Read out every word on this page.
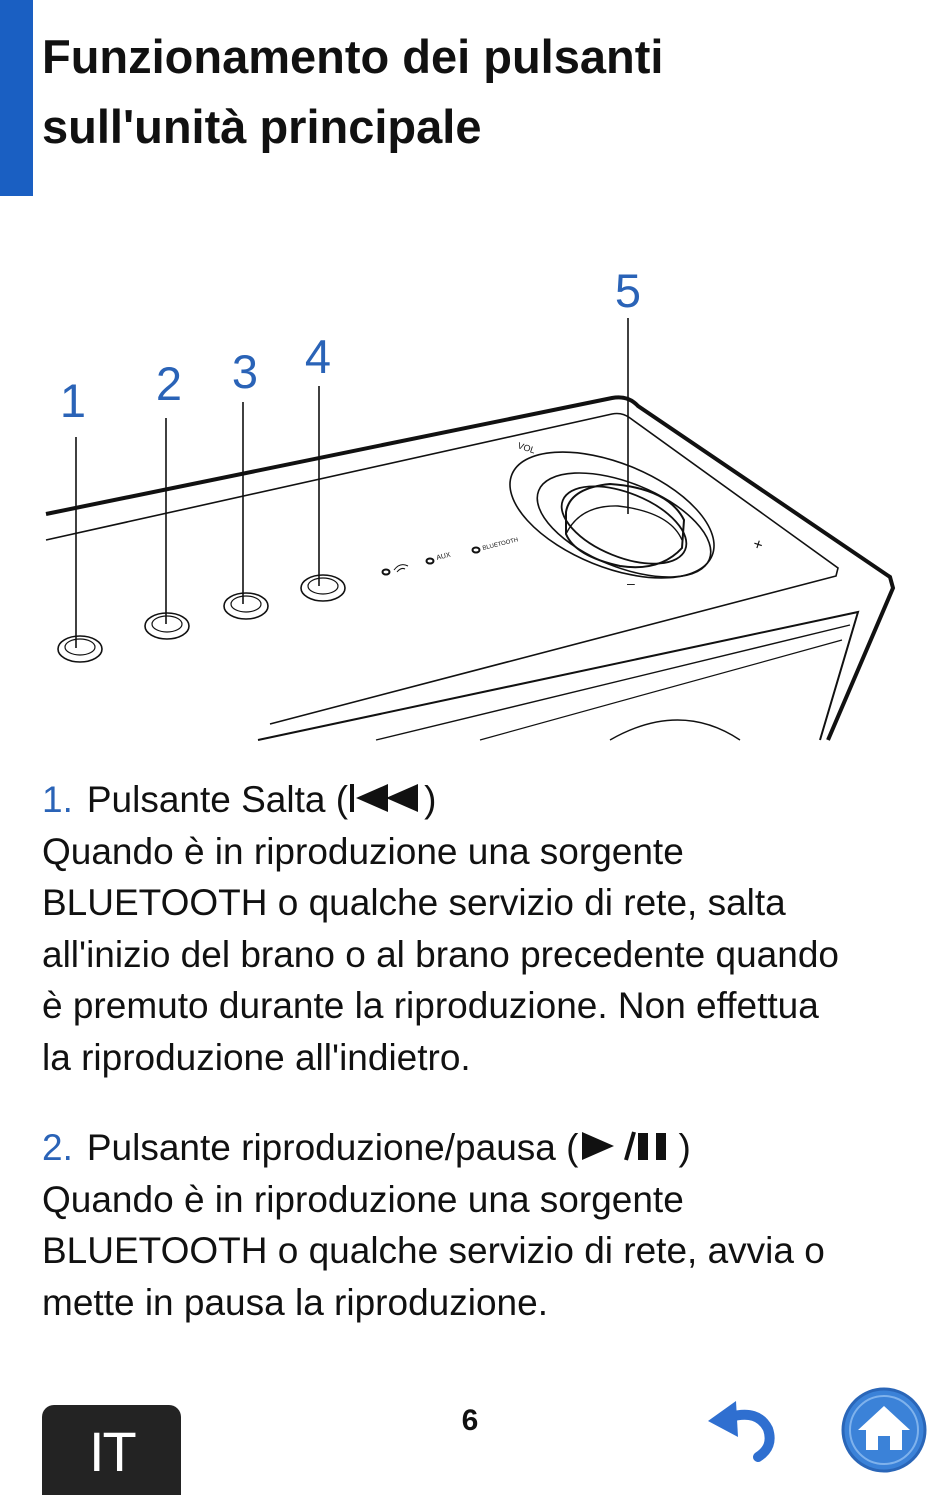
Funzionamento dei pulsanti
sull'unità principale
VOL
+
–
AUX
BLUETOOTH
1 2 3 4
5

1. Pulsante Salta ( )

Quando è in riproduzione una sorgente

BLUETOOTH o qualche servizio di rete, salta

all'inizio del brano o al brano precedente quando

è premuto durante la riproduzione. Non effettua

la riproduzione all'indietro.

2. Pulsante riproduzione/pausa (	)

Quando è in riproduzione una sorgente

BLUETOOTH o qualche servizio di rete, avvia o

mette in pausa la riproduzione.

IT	6
